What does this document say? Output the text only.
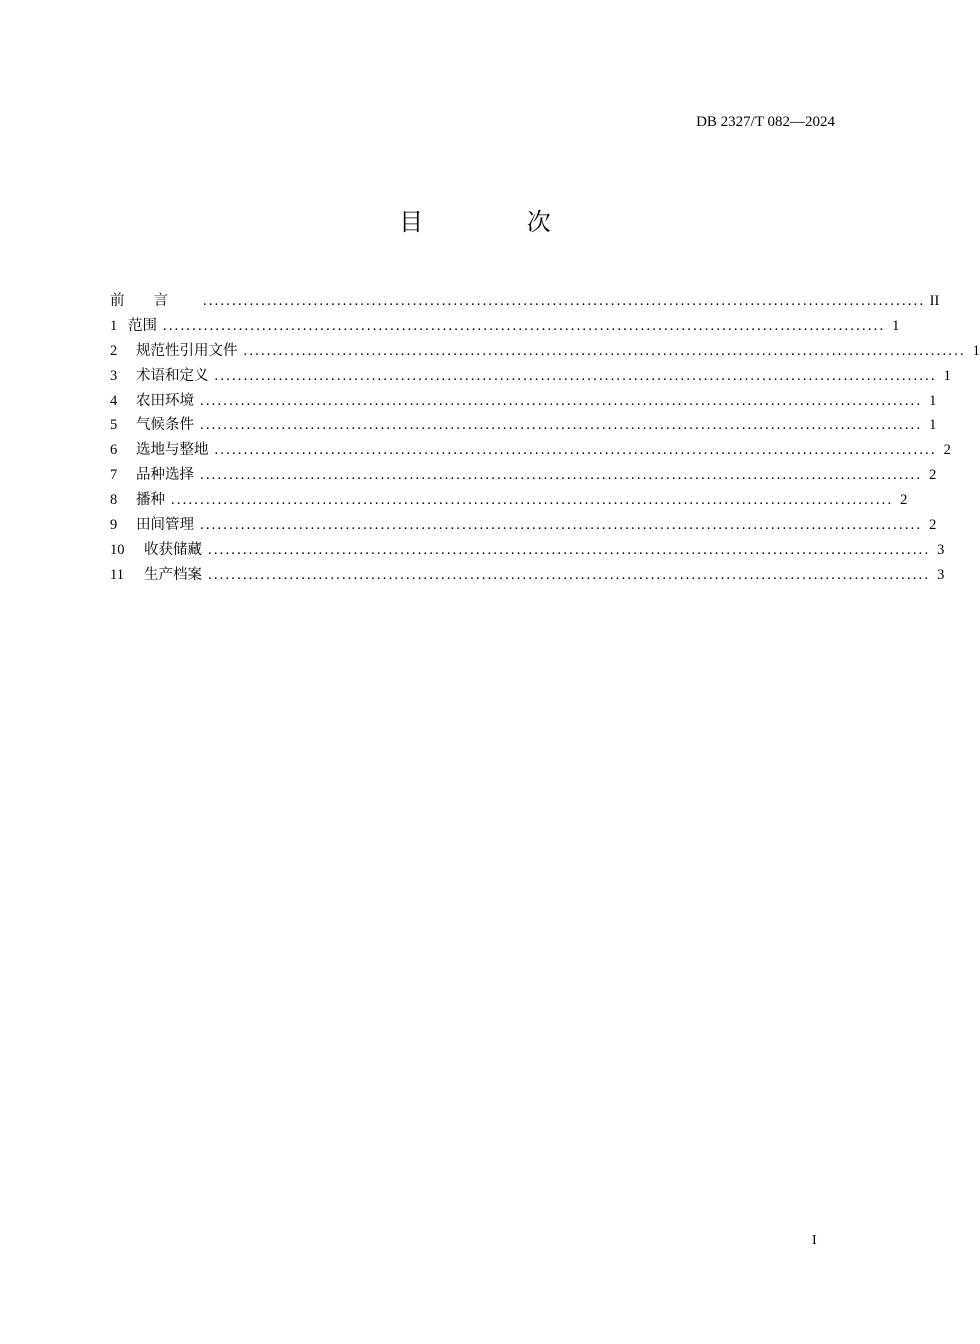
DB 2327/T 082—2024
目 次
前言 ............................................................................................................................ II
1 范围 ............................................................................................................................ 1
2 规范性引用文件 ............................................................................................................................ 1
3 术语和定义 ............................................................................................................................ 1
4 农田环境 ............................................................................................................................ 1
5 气候条件 ............................................................................................................................ 1
6 选地与整地 ............................................................................................................................ 2
7 品种选择 ............................................................................................................................ 2
8 播种 ............................................................................................................................ 2
9 田间管理 ............................................................................................................................ 2
10 收获储藏 ............................................................................................................................ 3
11 生产档案 ............................................................................................................................ 3
I
